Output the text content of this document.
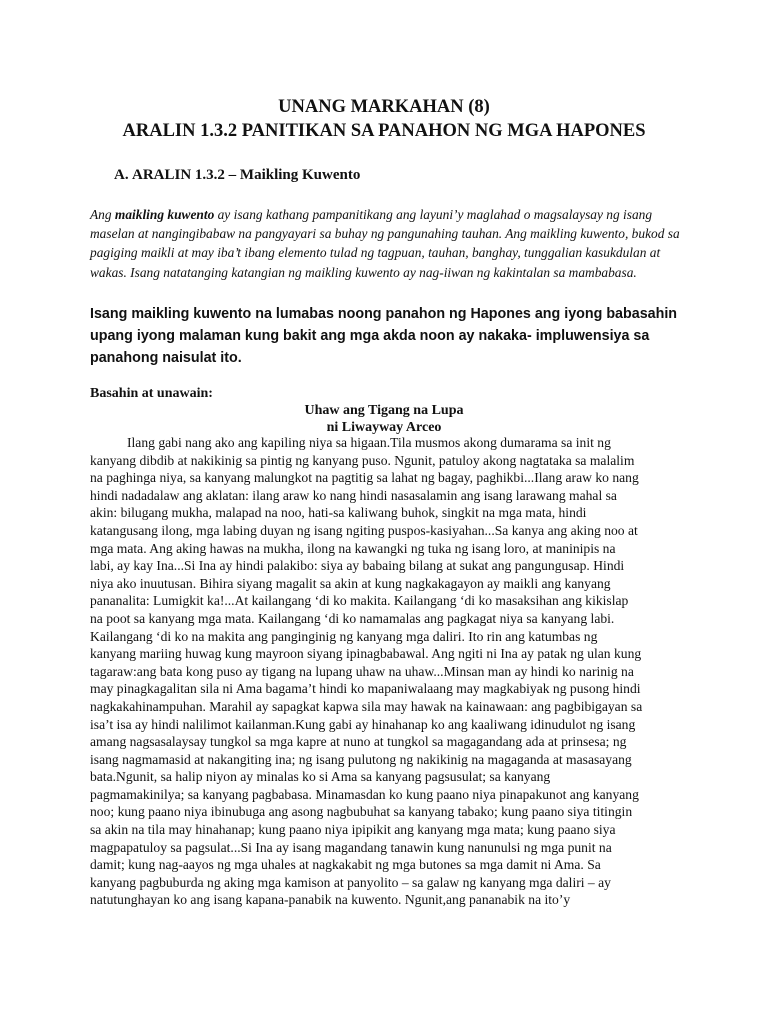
UNANG MARKAHAN (8)
ARALIN 1.3.2 PANITIKAN SA PANAHON NG MGA HAPONES
A. ARALIN 1.3.2 – Maikling Kuwento

Ang maikling kuwento ay isang kathang pampanitikang ang layuni’y maglahad o magsalaysay ng isang maselan at nangingibabaw na pangyayari sa buhay ng pangunahing tauhan. Ang maikling kuwento, bukod sa pagiging maikli at may iba’t ibang elemento tulad ng tagpuan, tauhan, banghay, tunggalian kasukdulan at wakas. Isang natatanging katangian ng maikling kuwento ay nag-iiwan ng kakintalan sa mambabasa.

Isang maikling kuwento na lumabas noong panahon ng Hapones ang iyong babasahin upang iyong malaman kung bakit ang mga akda noon ay nakaka- impluwensiya sa panahong naisulat ito.

Basahin at unawain:
Uhaw ang Tigang na Lupa
ni Liwayway Arceo
Ilang gabi nang ako ang kapiling niya sa higaan.Tila musmos akong dumarama sa init ng
kanyang dibdib at nakikinig sa pintig ng kanyang puso. Ngunit, patuloy akong nagtataka sa malalim
na paghinga niya, sa kanyang malungkot na pagtitig sa lahat ng bagay, paghikbi...Ilang araw ko nang
hindi nadadalaw ang aklatan: ilang araw ko nang hindi nasasalamin ang isang larawang mahal sa
akin: bilugang mukha, malapad na noo, hati-sa kaliwang buhok, singkit na mga mata, hindi
katangusang ilong, mga labing duyan ng isang ngiting puspos-kasiyahan...Sa kanya ang aking noo at
mga mata. Ang aking hawas na mukha, ilong na kawangki ng tuka ng isang loro, at maninipis na
labi, ay kay Ina...Si Ina ay hindi palakibo: siya ay babaing bilang at sukat ang pangungusap. Hindi
niya ako inuutusan. Bihira siyang magalit sa akin at kung nagkakagayon ay maikli ang kanyang
pananalita: Lumigkit ka!...At kailangang ‘di ko makita. Kailangang ‘di ko masaksihan ang kikislap
na poot sa kanyang mga mata. Kailangang ‘di ko namamalas ang pagkagat niya sa kanyang labi.
Kailangang ‘di ko na makita ang panginginig ng kanyang mga daliri. Ito rin ang katumbas ng
kanyang mariing huwag kung mayroon siyang ipinagbabawal. Ang ngiti ni Ina ay patak ng ulan kung
tagaraw:ang bata kong puso ay tigang na lupang uhaw na uhaw...Minsan man ay hindi ko narinig na
may pinagkagalitan sila ni Ama bagama’t hindi ko mapaniwalaang may magkabiyak ng pusong hindi
nagkakahinampuhan. Marahil ay sapagkat kapwa sila may hawak na kainawaan: ang pagbibigayan sa
isa’t isa ay hindi nalilimot kailanman.Kung gabi ay hinahanap ko ang kaaliwang idinudulot ng isang
amang nagsasalaysay tungkol sa mga kapre at nuno at tungkol sa magagandang ada at prinsesa; ng
isang nagmamasid at nakangiting ina; ng isang pulutong ng nakikinig na magaganda at masasayang
bata.Ngunit, sa halip niyon ay minalas ko si Ama sa kanyang pagsusulat; sa kanyang
pagmamakinilya; sa kanyang pagbabasa. Minamasdan ko kung paano niya pinapakunot ang kanyang
noo; kung paano niya ibinubuga ang asong nagbubuhat sa kanyang tabako; kung paano siya titingin
sa akin na tila may hinahanap; kung paano niya ipipikit ang kanyang mga mata; kung paano siya
magpapatuloy sa pagsulat...Si Ina ay isang magandang tanawin kung nanunulsi ng mga punit na
damit; kung nag-aayos ng mga uhales at nagkakabit ng mga butones sa mga damit ni Ama. Sa
kanyang pagbuburda ng aking mga kamison at panyolito – sa galaw ng kanyang mga daliri – ay
natutunghayan ko ang isang kapana-panabik na kuwento. Ngunit,ang pananabik na ito’y
